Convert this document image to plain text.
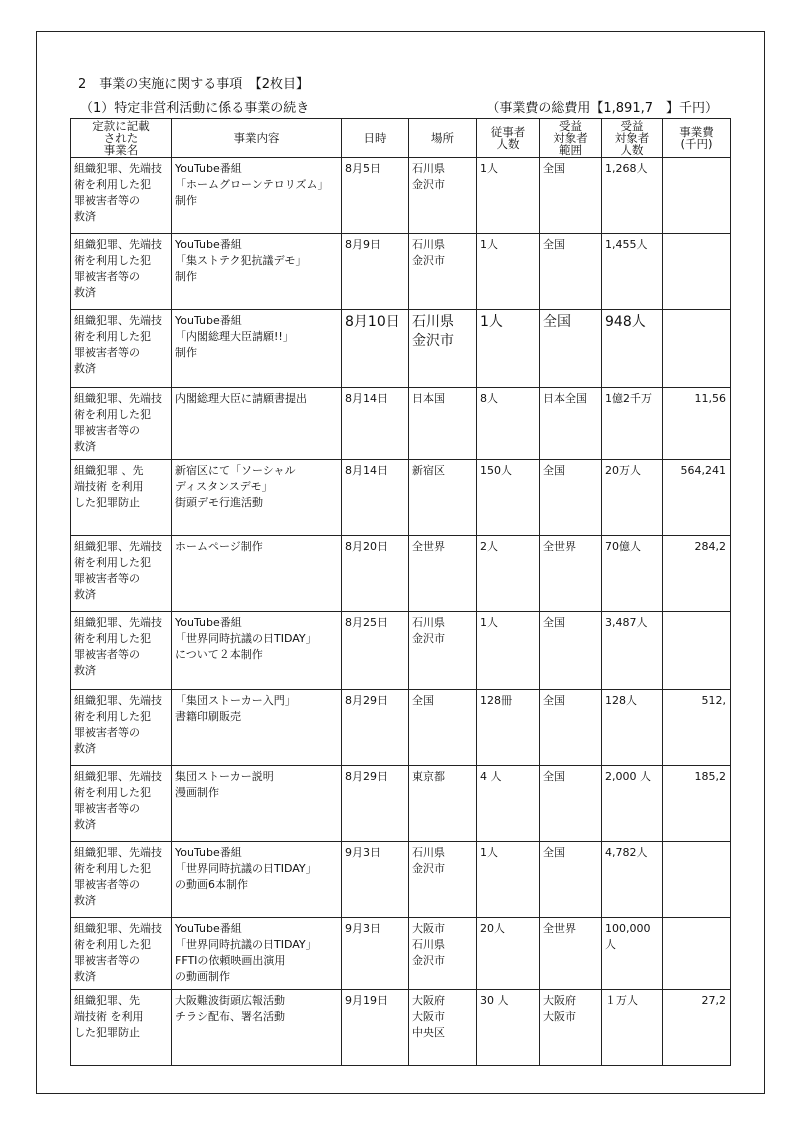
2　事業の実施に関する事項　【2枚目】
（1）特定非営利活動に係る事業の続き	（事業費の総費用【1,891,7　】千円）
定款に記載
された
事業名	事業内容	日時	場所	従事者
人数	受益
対象者
範囲	受益
対象者
人数	事業費
(千円)
組織犯罪、先端技
術を利用した犯
罪被害者等の
救済	YouTube番組
「ホームグローンテロリズム」
制作	8月5日	石川県
金沢市	1人	全国	1,268人	
組織犯罪、先端技
術を利用した犯
罪被害者等の
救済	YouTube番組
「集ストテク犯抗議デモ」
制作	8月9日	石川県
金沢市	1人	全国	1,455人	
組織犯罪、先端技
術を利用した犯
罪被害者等の
救済	YouTube番組
「内閣総理大臣請願!!」
制作	8月10日	石川県
金沢市	1人	全国	948人	
組織犯罪、先端技
術を利用した犯
罪被害者等の
救済	内閣総理大臣に請願書提出	8月14日	日本国	8人	日本全国	1億2千万	11,56
組織犯罪 、先
端技術 を利用
した犯罪防止	新宿区にて「ソーシャル
ディスタンスデモ」
街頭デモ行進活動	8月14日	新宿区	150人	全国	20万人	564,241
組織犯罪、先端技
術を利用した犯
罪被害者等の
救済	ホームページ制作	8月20日	全世界	2人	全世界	70億人	284,2
組織犯罪、先端技
術を利用した犯
罪被害者等の
救済	YouTube番組
「世界同時抗議の日TIDAY」
について２本制作	8月25日	石川県
金沢市	1人	全国	3,487人	
組織犯罪、先端技
術を利用した犯
罪被害者等の
救済	「集団ストーカー入門」
書籍印刷販売	8月29日	全国	128冊	全国	128人	512,
組織犯罪、先端技
術を利用した犯
罪被害者等の
救済	集団ストーカー説明
漫画制作	8月29日	東京都	4 人	全国	2,000 人	185,2
組織犯罪、先端技
術を利用した犯
罪被害者等の
救済	YouTube番組
「世界同時抗議の日TIDAY」
の動画6本制作	9月3日	石川県
金沢市	1人	全国	4,782人	
組織犯罪、先端技
術を利用した犯
罪被害者等の
救済	YouTube番組
「世界同時抗議の日TIDAY」
FFTIの依頼映画出演用
の動画制作	9月3日	大阪市
石川県
金沢市	20人	全世界	100,000人	
組織犯罪、先
端技術 を利用
した犯罪防止	大阪難波街頭広報活動
チラシ配布、署名活動	9月19日	大阪府
大阪市
中央区	30 人	大阪府
大阪市	１万人	27,2
